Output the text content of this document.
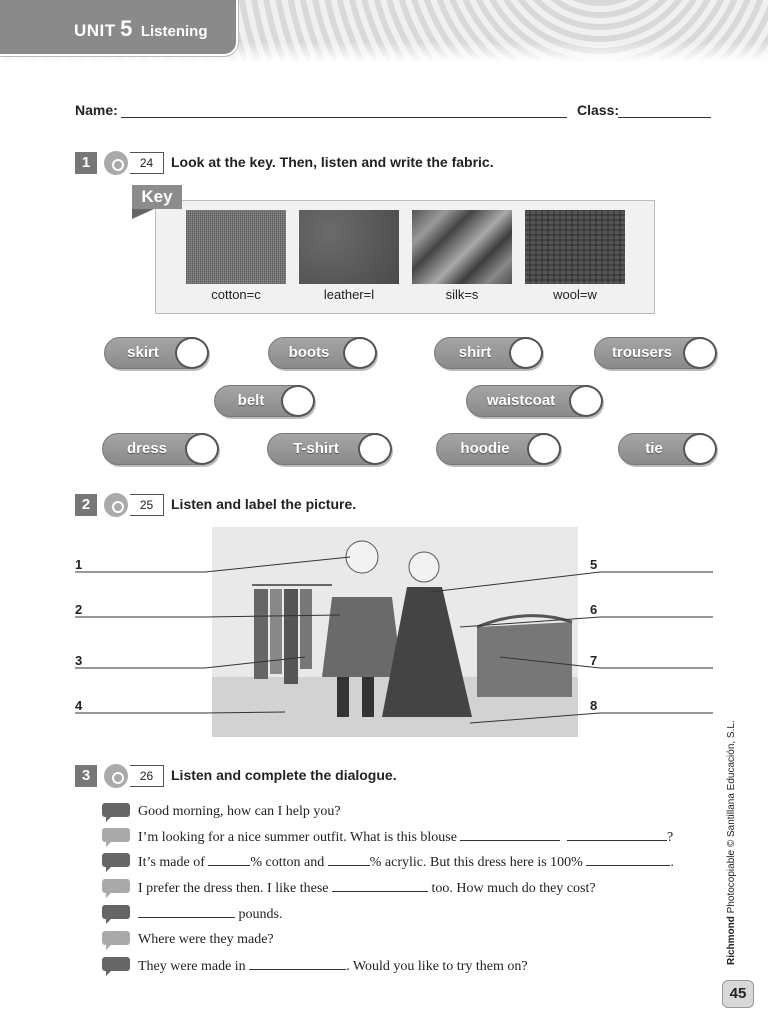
UNIT 5 Listening
Name:	Class:
1	24	Look at the key. Then, listen and write the fabric.
Key
cotton=c	leather=l	silk=s	wool=w
skirt	boots	shirt	trousers
belt	waistcoat
dress	T-shirt	hoodie	tie
2	25	Listen and label the picture.
1
2
3
4
5
6
7
8
3	26	Listen and complete the dialogue.
Good morning, how can I help you?
I’m looking for a nice summer outfit. What is this blouse	?
It’s made of	% cotton and	% acrylic. But this dress here is 100%	.
I prefer the dress then. I like these	too. How much do they cost?
pounds.
Where were they made?
They were made in	. Would you like to try them on?
Richmond Photocopiable © Santillana Educación, S.L.
45
